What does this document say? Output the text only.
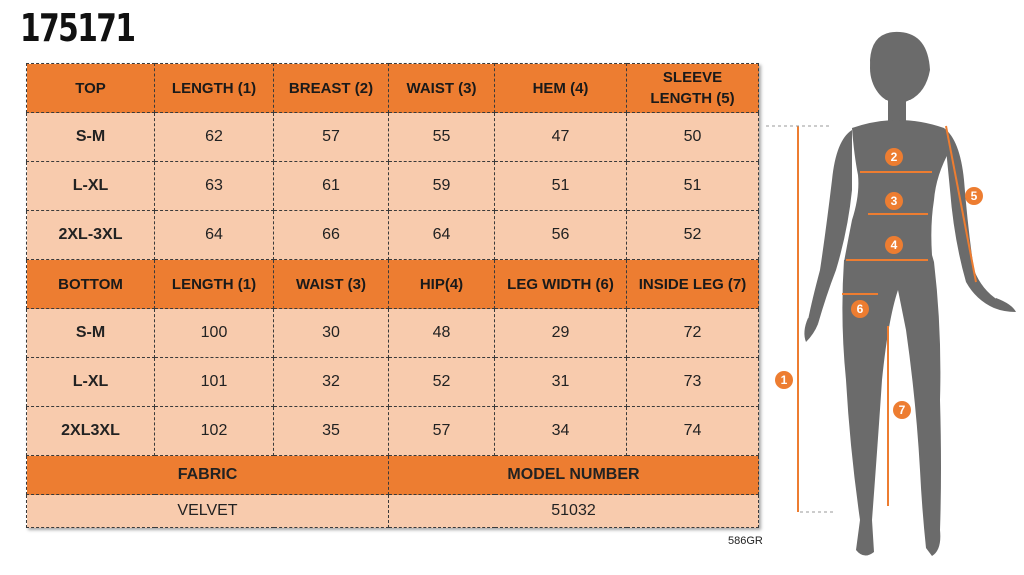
175171
TOP	LENGTH (1)	BREAST (2)	WAIST (3)	HEM (4)	SLEEVE
LENGTH (5)
S-M	62	57	55	47	50
L-XL	63	61	59	51	51
2XL-3XL	64	66	64	56	52
BOTTOM	LENGTH (1)	WAIST (3)	HIP(4)	LEG WIDTH (6)	INSIDE LEG (7)
S-M	100	30	48	29	72
L-XL	101	32	52	31	73
2XL3XL	102	35	57	34	74
FABRIC			MODEL NUMBER		
VELVET			51032		
586GR
1
2
3
4
5
6
7
